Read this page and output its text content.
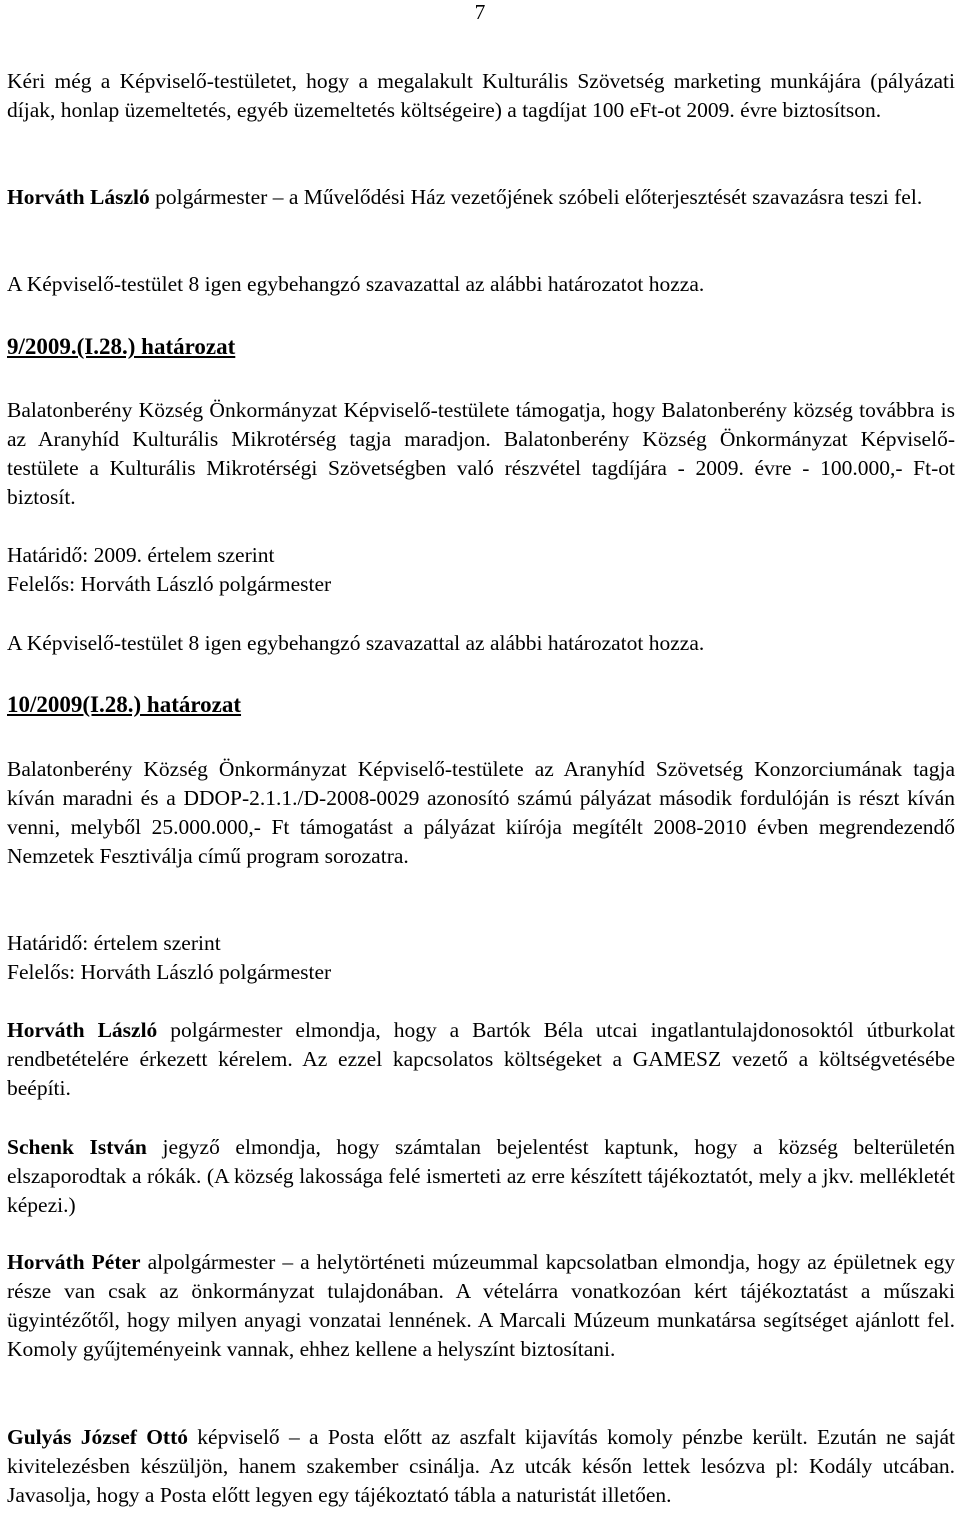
7

Kéri még a Képviselő-testületet, hogy a megalakult Kulturális Szövetség marketing munkájára (pályázati díjak, honlap üzemeltetés, egyéb üzemeltetés költségeire) a tagdíjat 100 eFt-ot 2009. évre biztosítson.

Horváth László polgármester – a Művelődési Ház vezetőjének szóbeli előterjesztését szavazásra teszi fel.

A Képviselő-testület 8 igen egybehangzó szavazattal az alábbi határozatot hozza.

9/2009.(I.28.) határozat

Balatonberény Község Önkormányzat Képviselő-testülete támogatja, hogy Balatonberény község továbbra is az Aranyhíd Kulturális Mikrotérség tagja maradjon. Balatonberény Község Önkormányzat Képviselő-testülete a Kulturális Mikrotérségi Szövetségben való részvétel tagdíjára - 2009. évre - 100.000,- Ft-ot biztosít.

Határidő: 2009. értelem szerint

Felelős: Horváth László polgármester

A Képviselő-testület 8 igen egybehangzó szavazattal az alábbi határozatot hozza.

10/2009(I.28.) határozat

Balatonberény Község Önkormányzat Képviselő-testülete az Aranyhíd Szövetség Konzorciumának tagja kíván maradni és a DDOP-2.1.1./D-2008-0029 azonosító számú pályázat második fordulóján is részt kíván venni, melyből 25.000.000,- Ft támogatást a pályázat kiírója megítélt 2008-2010 évben megrendezendő Nemzetek Fesztiválja című program sorozatra.

Határidő: értelem szerint

Felelős: Horváth László polgármester

Horváth László polgármester elmondja, hogy a Bartók Béla utcai ingatlantulajdonosoktól útburkolat rendbetételére érkezett kérelem. Az ezzel kapcsolatos költségeket a GAMESZ vezető a költségvetésébe beépíti.

Schenk István jegyző elmondja, hogy számtalan bejelentést kaptunk, hogy a község belterületén elszaporodtak a rókák. (A község lakossága felé ismerteti az erre készített tájékoztatót, mely a jkv. mellékletét képezi.)

Horváth Péter alpolgármester – a helytörténeti múzeummal kapcsolatban elmondja, hogy az épületnek egy része van csak az önkormányzat tulajdonában. A vételárra vonatkozóan kért tájékoztatást a műszaki ügyintézőtől, hogy milyen anyagi vonzatai lennének. A Marcali Múzeum munkatársa segítséget ajánlott fel. Komoly gyűjteményeink vannak, ehhez kellene a helyszínt biztosítani.

Gulyás József Ottó képviselő – a Posta előtt az aszfalt kijavítás komoly pénzbe került. Ezután ne saját kivitelezésben készüljön, hanem szakember csinálja. Az utcák későn lettek lesózva pl: Kodály utcában. Javasolja, hogy a Posta előtt legyen egy tájékoztató tábla a naturistát illetően.
